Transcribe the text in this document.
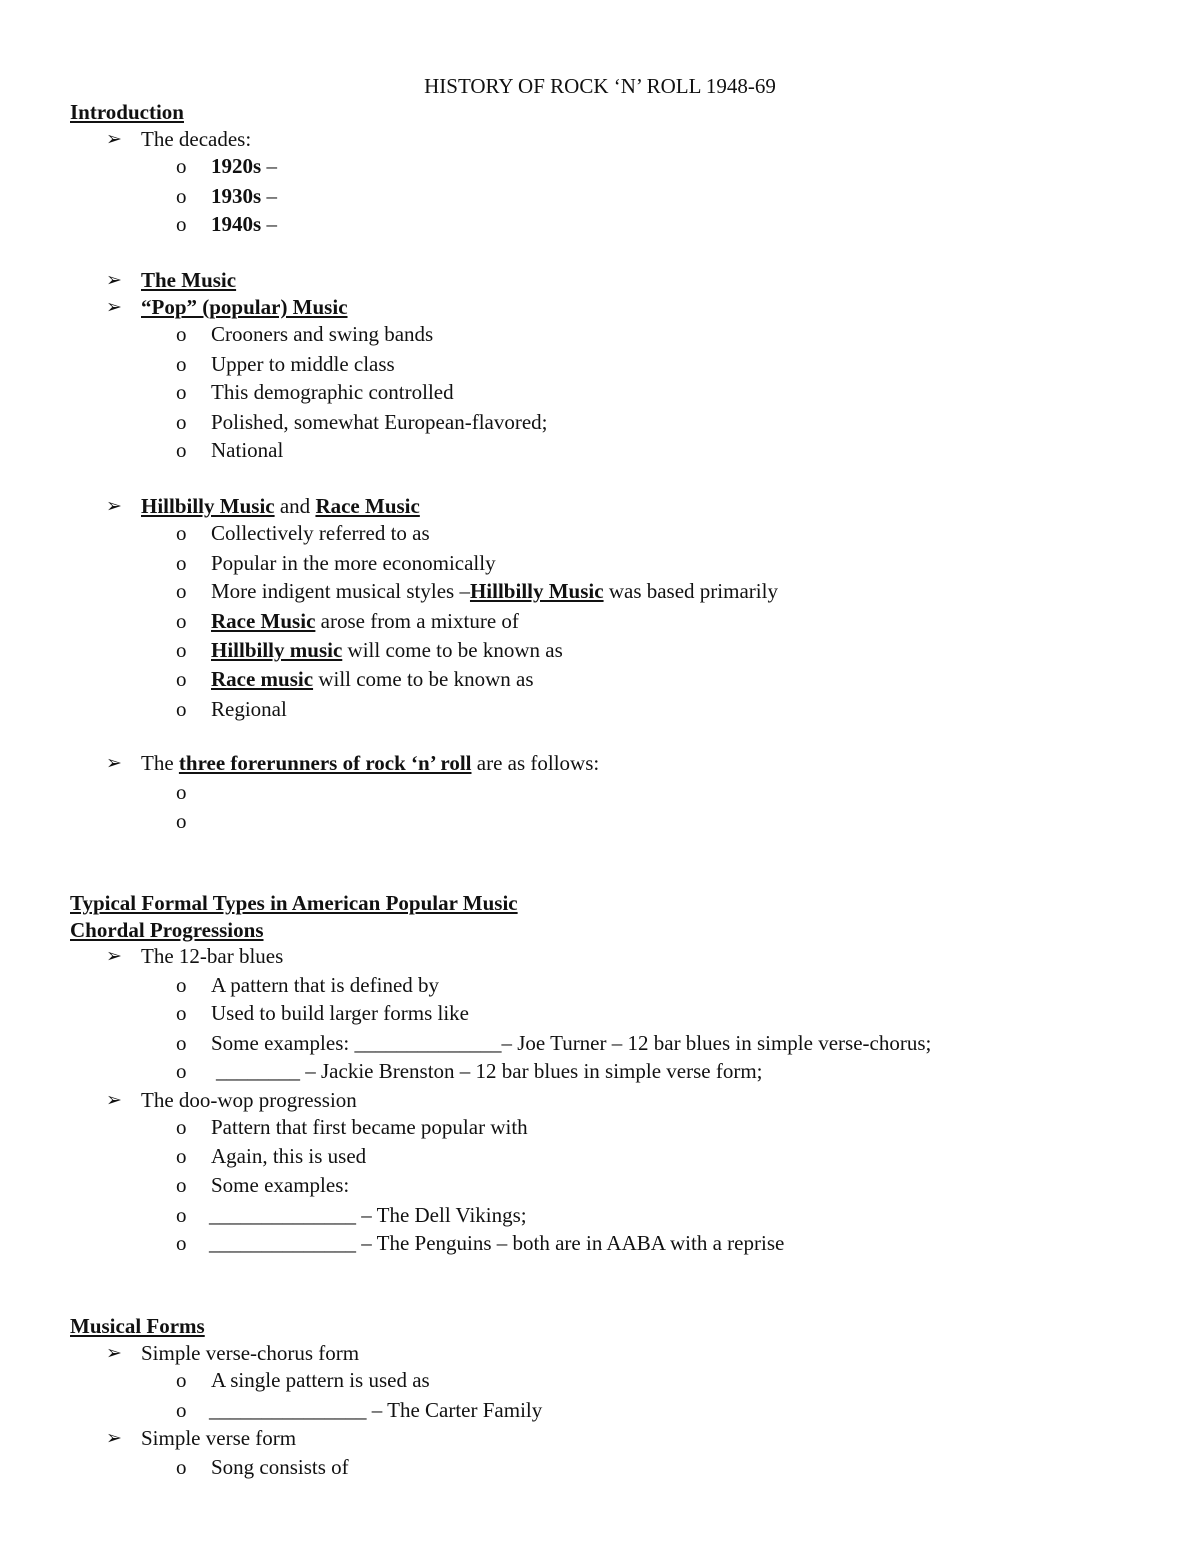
HISTORY OF ROCK ‘N’ ROLL 1948-69
Introduction
➢ The decades:
o 1920s –
o 1930s –
o 1940s –
➢ The Music
➢ “Pop” (popular) Music
o Crooners and swing bands
o Upper to middle class
o This demographic controlled
o Polished, somewhat European-flavored;
o National
➢ Hillbilly Music and Race Music
o Collectively referred to as
o Popular in the more economically
o More indigent musical styles –Hillbilly Music was based primarily
o Race Music arose from a mixture of
o Hillbilly music will come to be known as
o Race music will come to be known as
o Regional
➢ The three forerunners of rock ‘n’ roll are as follows:
o
o
Typical Formal Types in American Popular Music
Chordal Progressions
➢ The 12-bar blues
o A pattern that is defined by
o Used to build larger forms like
o Some examples: ______________– Joe Turner – 12 bar blues in simple verse-chorus;
o ________ – Jackie Brenston – 12 bar blues in simple verse form;
➢ The doo-wop progression
o Pattern that first became popular with
o Again, this is used
o Some examples:
o ______________ – The Dell Vikings;
o ______________ – The Penguins – both are in AABA with a reprise
Musical Forms
➢ Simple verse-chorus form
o A single pattern is used as
o _______________ – The Carter Family
➢ Simple verse form
o Song consists of
